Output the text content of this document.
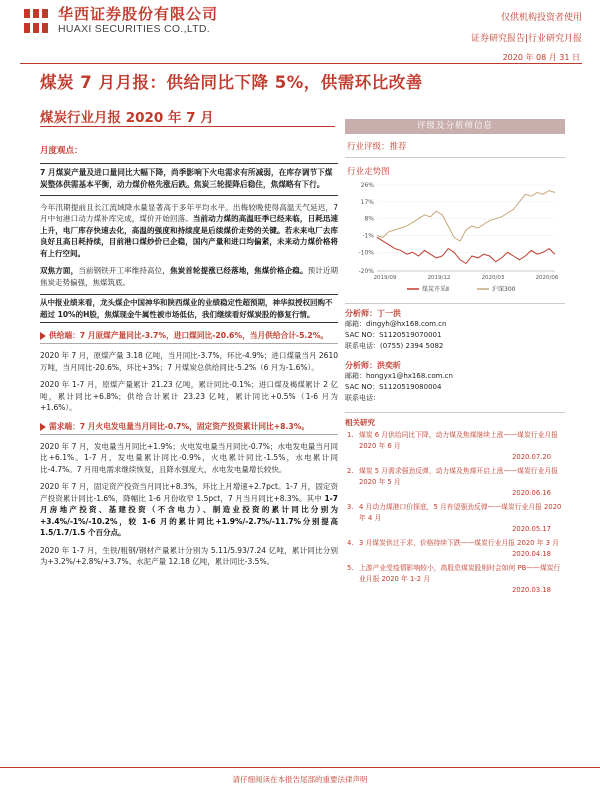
华西证券股份有限公司
HUAXI SECURITIES CO.,LTD.
仅供机构投资者使用
证券研究报告|行业研究月报
2020 年 08 月 31 日
煤炭 7 月月报：供给同比下降 5%，供需环比改善
煤炭行业月报 2020 年 7 月
月度观点：
7 月煤炭产量及进口量同比大幅下降，尚季影响下火电需求有所减弱，在库存调节下煤炭整体供需基本平衡，动力煤价格先涨后跌。焦炭三轮提降后稳住，焦煤略有下行。
今年汛期提前且长江流域降水量显著高于多年平均水平。出梅较晚使得高温天气延迟，7 月中旬港口动力煤补库完成，煤价开始回落。当前动力煤的高温旺季已经来临，日耗迅速上升，电厂库存快速去化，高温的强度和持续度是后续煤价走势的关键。若未来电厂去库良好且高日耗持续，目前港口煤炒价已企稳，国内产量和进口均偏紧，未来动力煤价格将有上行空间。
双焦方面，当前钢铁开工率维持高位，焦炭首轮提涨已经落地，焦煤价格企稳。预计近期焦炭走势偏强，焦煤筑底。
从中报业绩来看，龙头煤企中国神华和陕西煤业的业绩稳定性超预期，神华拟授权回购不超过 10%的H股，焦煤现金牛属性被市场低估，我们继续看好煤炭股的修复行情。
供给端：7 月原煤产量同比-3.7%，进口煤同比-20.6%，当月供给合计-5.2%。
2020 年 7 月，原煤产量 3.18 亿吨，当月同比-3.7%，环比-4.9%；进口煤量当月 2610 万吨，当月同比-20.6%，环比+3%；7 月煤炭总供给同比-5.2%（6 月为-1.6%）。
2020 年 1-7 月，原煤产量累计 21.23 亿吨，累计同比-0.1%；进口煤及褐煤累计 2 亿吨，累计同比+6.8%；供给合计累计 23.23 亿吨，累计同比+0.5%（1-6 月为+1.6%）。
需求端：7 月火电发电量当月同比-0.7%，固定资产投资累计同比+8.3%。
2020 年 7 月，发电量当月同比+1.9%；火电发电量当月同比-0.7%；水电发电量当月同比+6.1%。1-7 月，发电量累计同比-0.9%，火电累计同比-1.5%，水电累计同比-4.7%。7 月用电需求继续恢复，且降水强度大，水电发电量增长较快。
2020 年 7 月，固定资产投资当月同比+8.3%，环比上月增速+2.7pct。1-7 月，固定资产投资累计同比-1.6%，降幅比 1-6 月份收窄 1.5pct，7 月当月同比+8.3%。其中 1-7 月房地产投资、基建投资（不含电力）、制造业投资的累计同比分别为+3.4%/-1%/-10.2%，较 1-6 月的累计同比+1.9%/-2.7%/-11.7%分别提高 1.5/1.7/1.5 个百分点。
2020 年 1-7 月，生铁/粗钢/钢材产量累计分别为 5.11/5.93/7.24 亿吨，累计同比分别为+3.2%/+2.8%/+3.7%。水泥产量 12.18 亿吨，累计同比-3.5%。
评级及分析师信息
行业评级：推荐
行业走势图
26%
17%
8%
-1%
-10%
-20%
2019/09	2019/12	2020/03	2020/06
煤炭开采Ⅱ	沪深300
分析师：丁一洪
邮箱：dingyh@hx168.com.cn
SAC NO：S1120519070001
联系电话：(0755) 2394 5082
分析师：洪奕昕
邮箱：hongyx1@hx168.com.cn
SAC NO：S1120519080004
联系电话：
相关研究
1. 煤炭 6 月供给同比下降，动力煤及焦煤继续上涨——煤炭行业月报 2020 年 6 月
2020.07.20
2. 煤炭 5 月需求强劲反弹，动力煤及焦煤开启上涨——煤炭行业月报 2020 年 5 月
2020.06.16
3. 4 月动力煤港口价探底，5 月有望强劲反弹——煤炭行业月报 2020 年 4 月
2020.05.17
4. 3 月煤炭供过于求，价格持续下跌——煤炭行业月报 2020 年 3 月
2020.04.18
5. 上游产业受疫情影响较小，高股息煤炭股则时会如何 PB——煤炭行业月报 2020 年 1-2 月
2020.03.18
请仔细阅读在本报告尾部的重要法律声明
